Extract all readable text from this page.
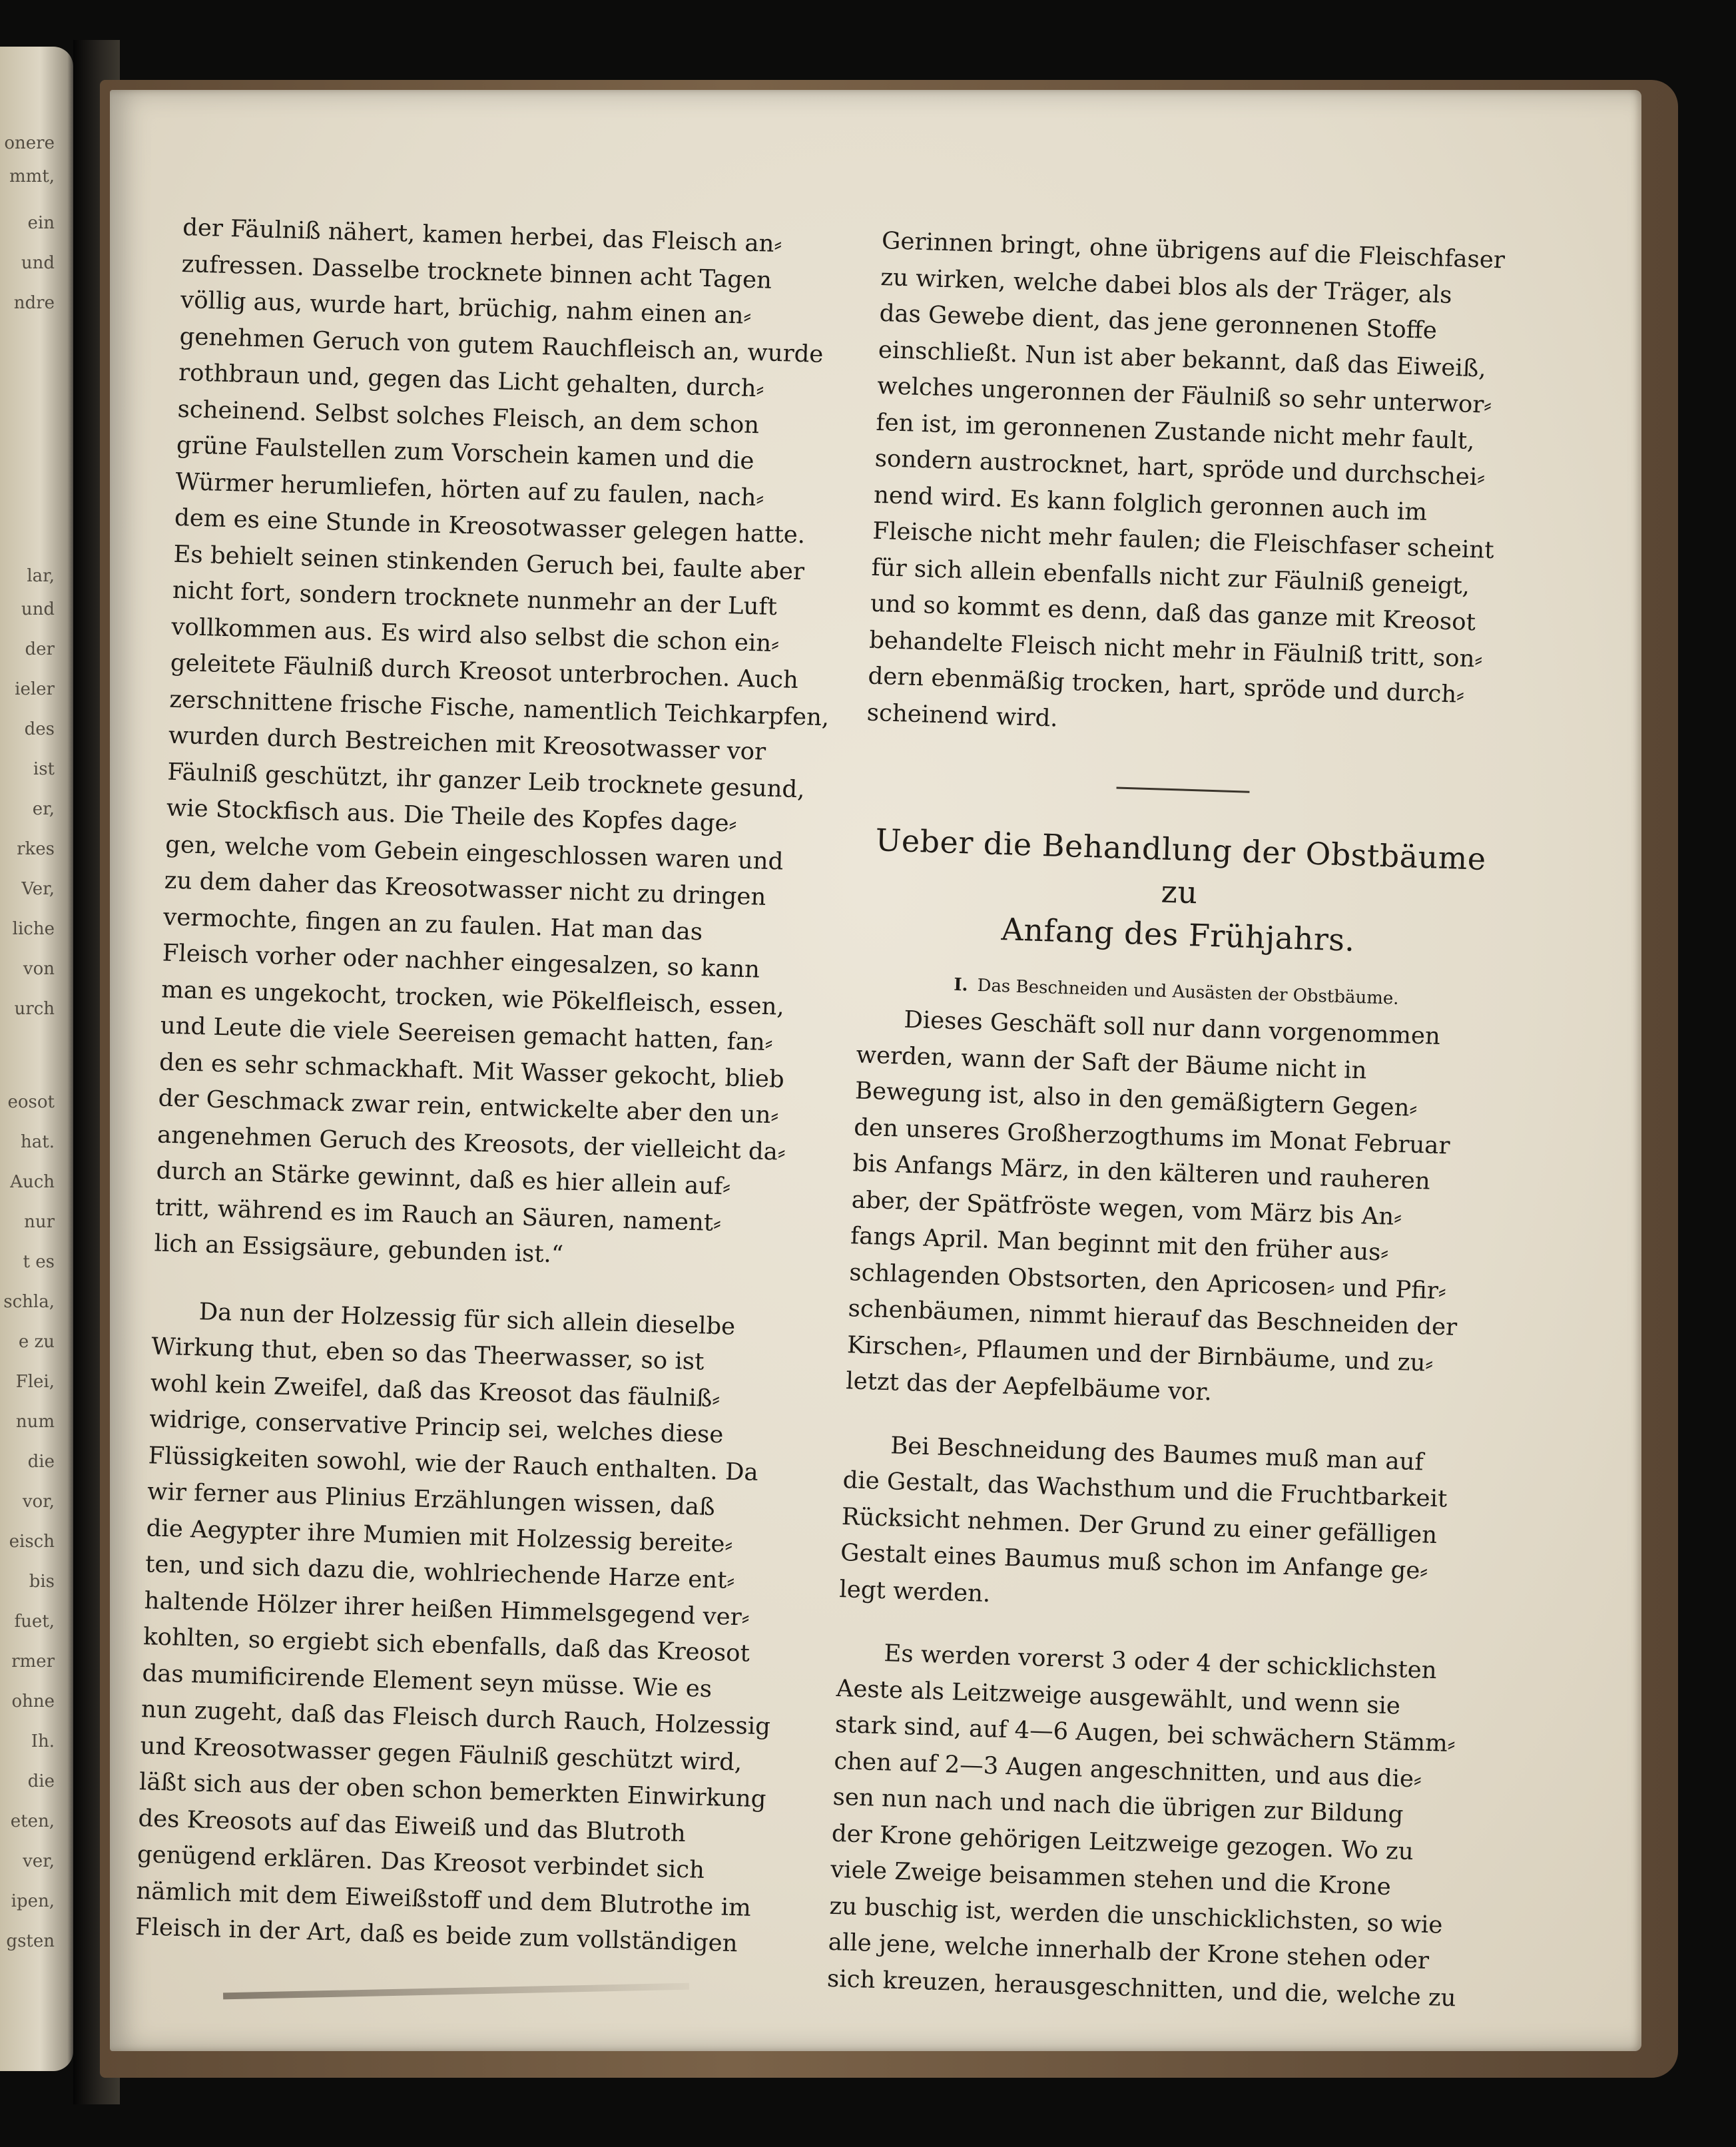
onere
mmt,
ein
und
ndre
lar,
und
der
ieler
des
ist
er,
rkes
Ver,
liche
von
urch
eosot
hat.
Auch
nur
t es
schla,
e zu
Flei,
num
die
vor,
eisch
bis
fuet,
rmer
ohne
Ih.
die
eten,
ver,
ipen,
gsten
der Fäulniß nähert, kamen herbei, das Fleisch an⸗
zufressen. Dasselbe trocknete binnen acht Tagen
völlig aus, wurde hart, brüchig, nahm einen an⸗
genehmen Geruch von gutem Rauchfleisch an, wurde
rothbraun und, gegen das Licht gehalten, durch⸗
scheinend. Selbst solches Fleisch, an dem schon
grüne Faulstellen zum Vorschein kamen und die
Würmer herumliefen, hörten auf zu faulen, nach⸗
dem es eine Stunde in Kreosotwasser gelegen hatte.
Es behielt seinen stinkenden Geruch bei, faulte aber
nicht fort, sondern trocknete nunmehr an der Luft
vollkommen aus. Es wird also selbst die schon ein⸗
geleitete Fäulniß durch Kreosot unterbrochen. Auch
zerschnittene frische Fische, namentlich Teichkarpfen,
wurden durch Bestreichen mit Kreosotwasser vor
Fäulniß geschützt, ihr ganzer Leib trocknete gesund,
wie Stockfisch aus. Die Theile des Kopfes dage⸗
gen, welche vom Gebein eingeschlossen waren und
zu dem daher das Kreosotwasser nicht zu dringen
vermochte, fingen an zu faulen. Hat man das
Fleisch vorher oder nachher eingesalzen, so kann
man es ungekocht, trocken, wie Pökelfleisch, essen,
und Leute die viele Seereisen gemacht hatten, fan⸗
den es sehr schmackhaft. Mit Wasser gekocht, blieb
der Geschmack zwar rein, entwickelte aber den un⸗
angenehmen Geruch des Kreosots, der vielleicht da⸗
durch an Stärke gewinnt, daß es hier allein auf⸗
tritt, während es im Rauch an Säuren, nament⸗
lich an Essigsäure, gebunden ist.“
Da nun der Holzessig für sich allein dieselbe
Wirkung thut, eben so das Theerwasser, so ist
wohl kein Zweifel, daß das Kreosot das fäulniß⸗
widrige, conservative Princip sei, welches diese
Flüssigkeiten sowohl, wie der Rauch enthalten. Da
wir ferner aus Plinius Erzählungen wissen, daß
die Aegypter ihre Mumien mit Holzessig bereite⸗
ten, und sich dazu die, wohlriechende Harze ent⸗
haltende Hölzer ihrer heißen Himmelsgegend ver⸗
kohlten, so ergiebt sich ebenfalls, daß das Kreosot
das mumificirende Element seyn müsse. Wie es
nun zugeht, daß das Fleisch durch Rauch, Holzessig
und Kreosotwasser gegen Fäulniß geschützt wird,
läßt sich aus der oben schon bemerkten Einwirkung
des Kreosots auf das Eiweiß und das Blutroth
genügend erklären. Das Kreosot verbindet sich
nämlich mit dem Eiweißstoff und dem Blutrothe im
Fleisch in der Art, daß es beide zum vollständigen
Gerinnen bringt, ohne übrigens auf die Fleischfaser
zu wirken, welche dabei blos als der Träger, als
das Gewebe dient, das jene geronnenen Stoffe
einschließt. Nun ist aber bekannt, daß das Eiweiß,
welches ungeronnen der Fäulniß so sehr unterwor⸗
fen ist, im geronnenen Zustande nicht mehr fault,
sondern austrocknet, hart, spröde und durchschei⸗
nend wird. Es kann folglich geronnen auch im
Fleische nicht mehr faulen; die Fleischfaser scheint
für sich allein ebenfalls nicht zur Fäulniß geneigt,
und so kommt es denn, daß das ganze mit Kreosot
behandelte Fleisch nicht mehr in Fäulniß tritt, son⸗
dern ebenmäßig trocken, hart, spröde und durch⸗
scheinend wird.

Ueber die Behandlung der Obstbäume zu

Anfang des Frühjahrs.

I. Das Beschneiden und Ausästen der Obstbäume.
Dieses Geschäft soll nur dann vorgenommen
werden, wann der Saft der Bäume nicht in
Bewegung ist, also in den gemäßigtern Gegen⸗
den unseres Großherzogthums im Monat Februar
bis Anfangs März, in den kälteren und rauheren
aber, der Spätfröste wegen, vom März bis An⸗
fangs April. Man beginnt mit den früher aus⸗
schlagenden Obstsorten, den Apricosen⸗ und Pfir⸗
schenbäumen, nimmt hierauf das Beschneiden der
Kirschen⸗, Pflaumen und der Birnbäume, und zu⸗
letzt das der Aepfelbäume vor.
Bei Beschneidung des Baumes muß man auf
die Gestalt, das Wachsthum und die Fruchtbarkeit
Rücksicht nehmen. Der Grund zu einer gefälligen
Gestalt eines Baumus muß schon im Anfange ge⸗
legt werden.
Es werden vorerst 3 oder 4 der schicklichsten
Aeste als Leitzweige ausgewählt, und wenn sie
stark sind, auf 4—6 Augen, bei schwächern Stämm⸗
chen auf 2—3 Augen angeschnitten, und aus die⸗
sen nun nach und nach die übrigen zur Bildung
der Krone gehörigen Leitzweige gezogen. Wo zu
viele Zweige beisammen stehen und die Krone
zu buschig ist, werden die unschicklichsten, so wie
alle jene, welche innerhalb der Krone stehen oder
sich kreuzen, herausgeschnitten, und die, welche zu
